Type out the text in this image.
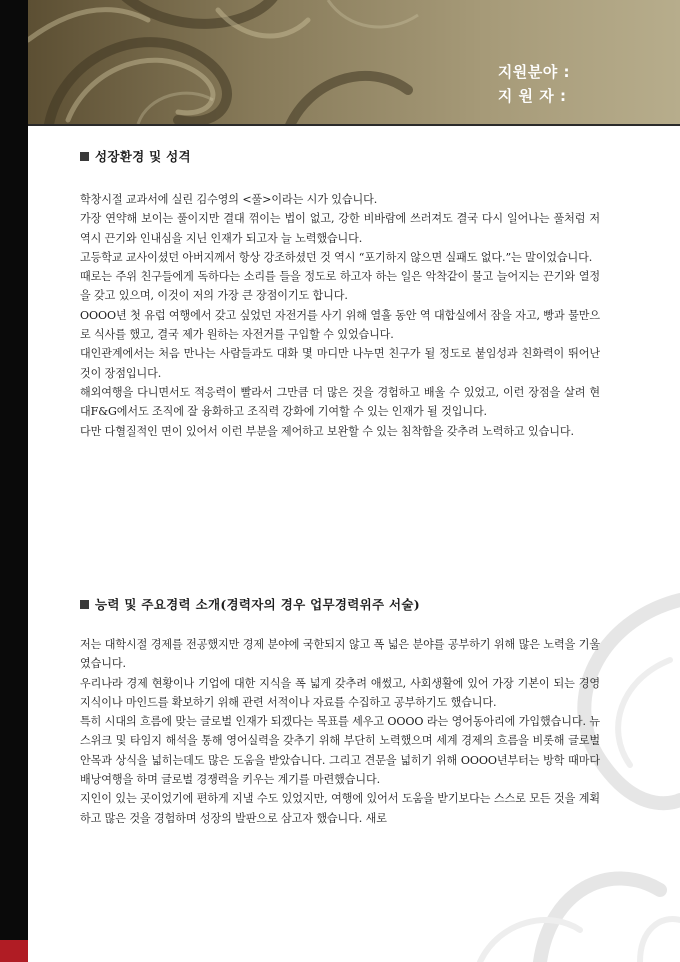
지원분야 :
지 원 자 :
성장환경 및 성격

학창시절 교과서에 실린 김수영의 <풀>이라는 시가 있습니다.

가장 연약해 보이는 풀이지만 결대 꺾이는 법이 없고, 강한 비바람에 쓰러져도 결국 다시 일어나는 풀처럼 저 역시 끈기와 인내심을 지닌 인재가 되고자 늘 노력했습니다.

고등학교 교사이셨던 아버지께서 항상 강조하셨던 것 역시 “포기하지 않으면 실패도 없다.”는 말이었습니다.

때로는 주위 친구들에게 독하다는 소리를 들을 정도로 하고자 하는 일은 악착같이 물고 늘어지는 끈기와 열정을 갖고 있으며, 이것이 저의 가장 큰 장점이기도 합니다.

OOOO년 첫 유럽 여행에서 갖고 싶었던 자전거를 사기 위해 열흘 동안 역 대합실에서 잠을 자고, 빵과 물만으로 식사를 했고, 결국 제가 원하는 자전거를 구입할 수 있었습니다.

대인관계에서는 처음 만나는 사람들과도 대화 몇 마디만 나누면 친구가 될 정도로 붙임성과 친화력이 뛰어난 것이 장점입니다.

해외여행을 다니면서도 적응력이 빨라서 그만큼 더 많은 것을 경험하고 배울 수 있었고, 이런 장점을 살려 현대F&G에서도 조직에 잘 융화하고 조직력 강화에 기여할 수 있는 인재가 될 것입니다.

다만 다혈질적인 면이 있어서 이런 부분을 제어하고 보완할 수 있는 침착함을 갖추려 노력하고 있습니다.

능력 및 주요경력 소개(경력자의 경우 업무경력위주 서술)

저는 대학시절 경제를 전공했지만 경제 분야에 국한되지 않고 폭 넓은 분야를 공부하기 위해 많은 노력을 기울였습니다.

우리나라 경제 현황이나 기업에 대한 지식을 폭 넓게 갖추려 애썼고, 사회생활에 있어 가장 기본이 되는 경영 지식이나 마인드를 확보하기 위해 관련 서적이나 자료를 수집하고 공부하기도 했습니다.

특히 시대의 흐름에 맞는 글로벌 인재가 되겠다는 목표를 세우고 OOOO 라는 영어동아리에 가입했습니다. 뉴스위크 및 타임지 해석을 통해 영어실력을 갖추기 위해 부단히 노력했으며 세계 경제의 흐름을 비롯해 글로벌 안목과 상식을 넓히는데도 많은 도움을 받았습니다. 그리고 견문을 넓히기 위해 OOOO년부터는 방학 때마다 배낭여행을 하며 글로벌 경쟁력을 키우는 계기를 마련했습니다.

지인이 있는 곳이었기에 편하게 지낼 수도 있었지만, 여행에 있어서 도움을 받기보다는 스스로 모든 것을 계획하고 많은 것을 경험하며 성장의 발판으로 삼고자 했습니다. 새로
